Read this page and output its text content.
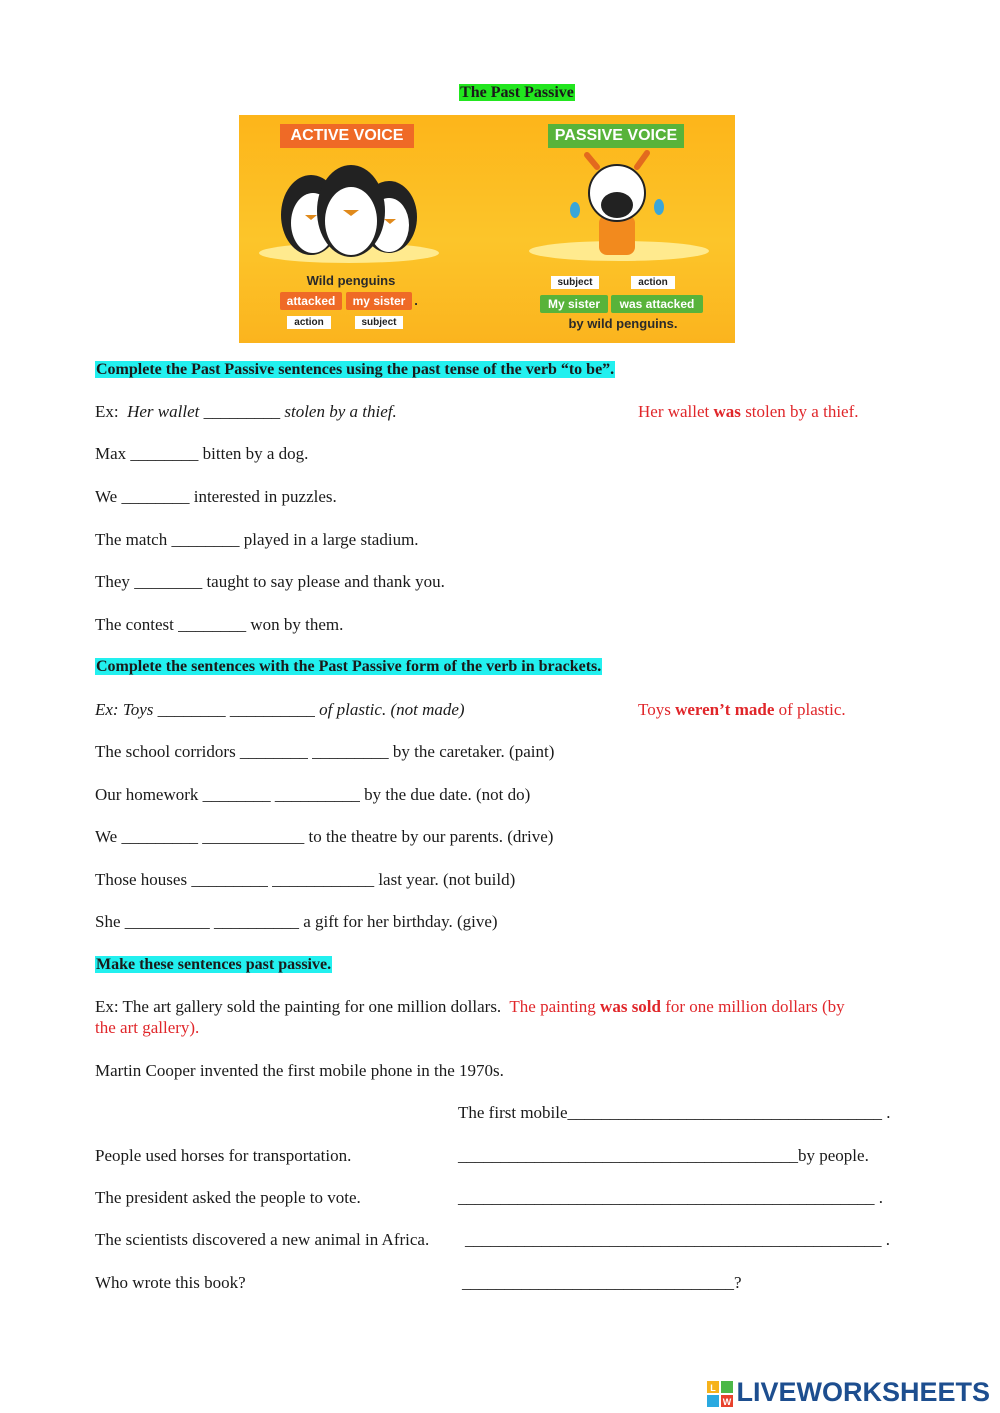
The Past Passive
ACTIVE VOICE	PASSIVE VOICE
Wild penguins
attacked	my sister .
action	subject
subject	action
My sister	was attacked
by wild penguins.
Complete the Past Passive sentences using the past tense of the verb “to be”.
Ex: Her wallet _________ stolen by a thief.	Her wallet was stolen by a thief.
Max ________ bitten by a dog.
We ________ interested in puzzles.
The match ________ played in a large stadium.
They ________ taught to say please and thank you.
The contest ________ won by them.
Complete the sentences with the Past Passive form of the verb in brackets.
Ex: Toys ________ __________ of plastic. (not made)	Toys weren’t made of plastic.
The school corridors ________ _________ by the caretaker. (paint)
Our homework ________ __________ by the due date. (not do)
We _________ ____________ to the theatre by our parents. (drive)
Those houses _________ ____________ last year. (not build)
She __________ __________ a gift for her birthday. (give)
Make these sentences past passive.
Ex: The art gallery sold the painting for one million dollars. The painting was sold for one million dollars (by
the art gallery).
Martin Cooper invented the first mobile phone in the 1970s.
The first mobile_____________________________________ .
People used horses for transportation.	________________________________________by people.
The president asked the people to vote.	_________________________________________________ .
The scientists discovered a new animal in Africa. _________________________________________________ .
Who wrote this book?	________________________________?
L
W LIVEWORKSHEETS
